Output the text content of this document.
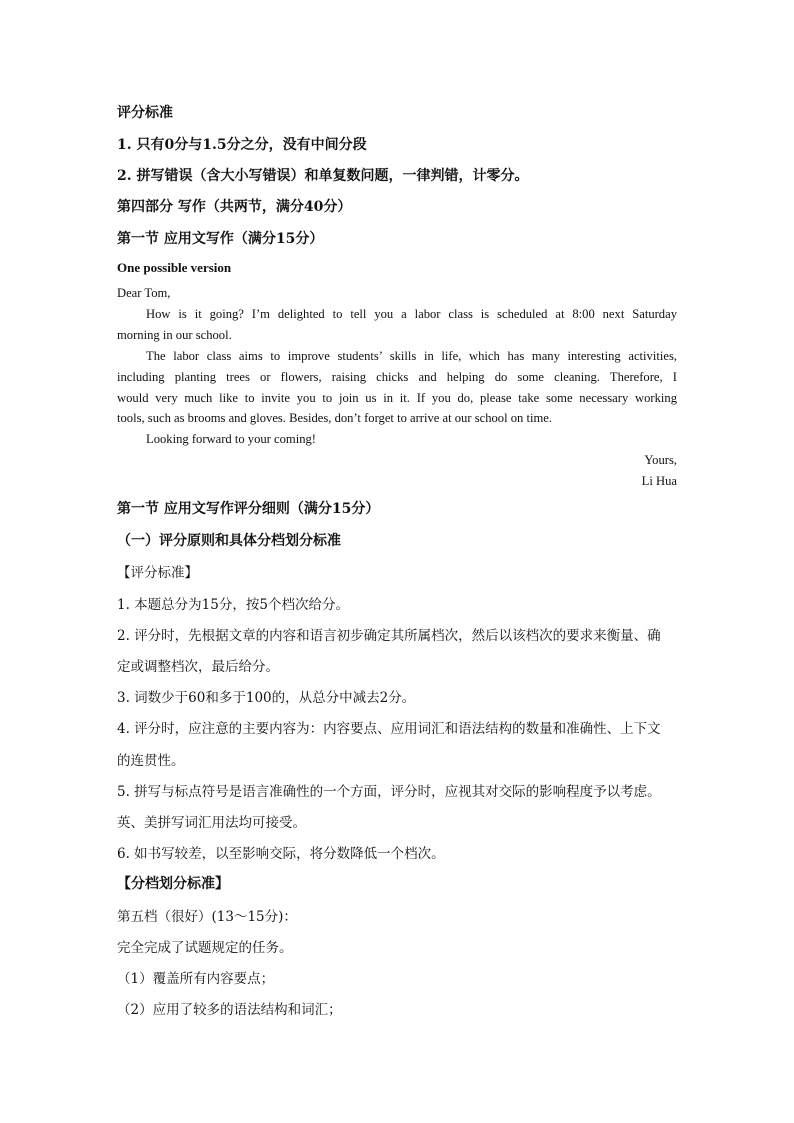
评分标准
1. 只有0分与1.5分之分，没有中间分段
2. 拼写错误（含大小写错误）和单复数问题，一律判错，计零分。
第四部分 写作（共两节，满分40分）
第一节 应用文写作（满分15分）
One possible version
Dear Tom,
How is it going? I’m delighted to tell you a labor class is scheduled at 8:00 next Saturday
morning in our school.
The labor class aims to improve students’ skills in life, which has many interesting activities,
including planting trees or flowers, raising chicks and helping do some cleaning. Therefore, I
would very much like to invite you to join us in it. If you do, please take some necessary working
tools, such as brooms and gloves. Besides, don’t forget to arrive at our school on time.
Looking forward to your coming!
Yours,
Li Hua
第一节 应用文写作评分细则（满分15分）
（一）评分原则和具体分档划分标准
【评分标准】
1. 本题总分为15分，按5个档次给分。
2. 评分时，先根据文章的内容和语言初步确定其所属档次，然后以该档次的要求来衡量、确
定或调整档次，最后给分。
3. 词数少于60和多于100的，从总分中减去2分。
4. 评分时，应注意的主要内容为：内容要点、应用词汇和语法结构的数量和准确性、上下文
的连贯性。
5. 拼写与标点符号是语言准确性的一个方面，评分时，应视其对交际的影响程度予以考虑。
英、美拼写词汇用法均可接受。
6. 如书写较差，以至影响交际，将分数降低一个档次。
【分档划分标准】
第五档（很好）(13～15分)：
完全完成了试题规定的任务。
（1）覆盖所有内容要点；
（2）应用了较多的语法结构和词汇；
